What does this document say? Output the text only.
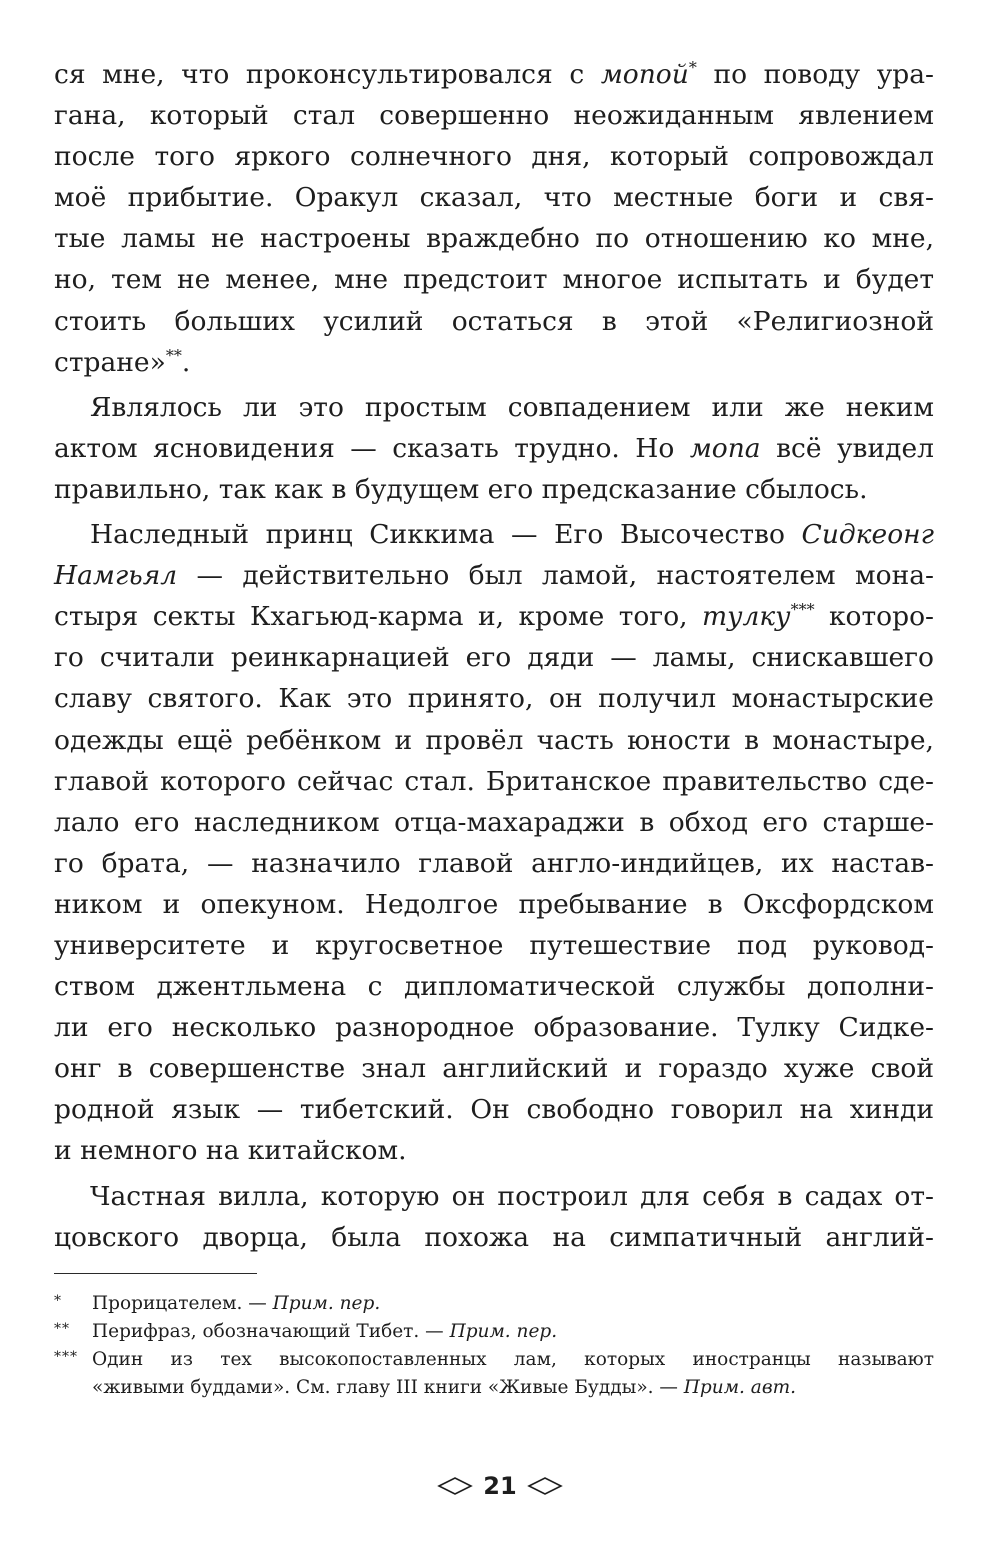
ся мне, что проконсультировался с мопой* по поводу ура-
гана, который стал совершенно неожиданным явлением
после того яркого солнечного дня, который сопровождал
моё прибытие. Оракул сказал, что местные боги и свя-
тые ламы не настроены враждебно по отношению ко мне,
но, тем не менее, мне предстоит многое испытать и будет
стоить больших усилий остаться в этой «Религиозной
стране»**.
Являлось ли это простым совпадением или же неким
актом ясновидения — сказать трудно. Но мопа всё увидел
правильно, так как в будущем его предсказание сбылось.
Наследный принц Сиккима — Его Высочество Сидкеонг
Намгьял — действительно был ламой, настоятелем мона-
стыря секты Кхагьюд-карма и, кроме того, тулку*** которо-
го считали реинкарнацией его дяди — ламы, снискавшего
славу святого. Как это принято, он получил монастырские
одежды ещё ребёнком и провёл часть юности в монастыре,
главой которого сейчас стал. Британское правительство сде-
лало его наследником отца-махараджи в обход его старше-
го брата, — назначило главой англо-индийцев, их настав-
ником и опекуном. Недолгое пребывание в Оксфордском
университете и кругосветное путешествие под руковод-
ством джентльмена с дипломатической службы дополни-
ли его несколько разнородное образование. Тулку Сидке-
онг в совершенстве знал английский и гораздо хуже свой
родной язык — тибетский. Он свободно говорил на хинди
и немного на китайском.
Частная вилла, которую он построил для себя в садах от-
цовского дворца, была похожа на симпатичный англий-
*	Прорицателем. — Прим. пер.
**	Перифраз, обозначающий Тибет. — Прим. пер.
*** Один из тех высокопоставленных лам, которых иностранцы называют
«живыми буддами». См. главу III книги «Живые Будды». — Прим. авт.
21
